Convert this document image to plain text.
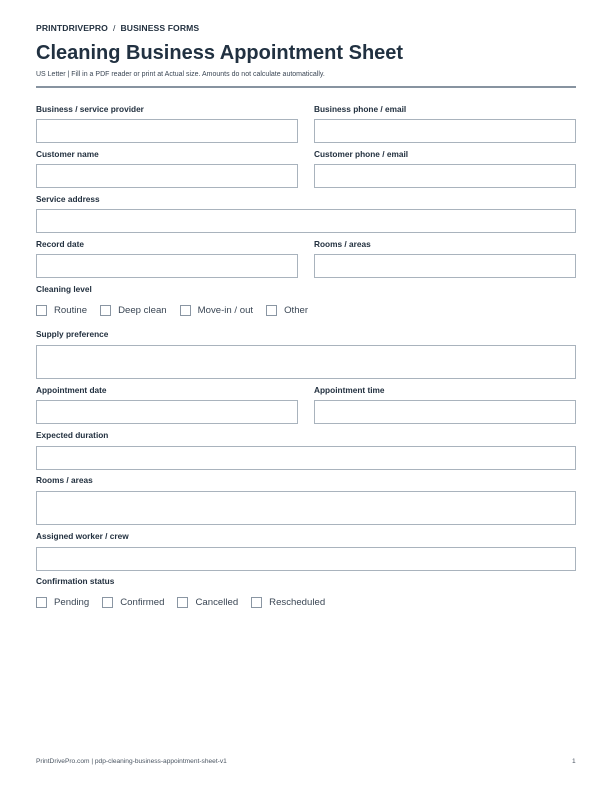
PRINTDRIVEPRO / BUSINESS FORMS
Cleaning Business Appointment Sheet
US Letter | Fill in a PDF reader or print at Actual size. Amounts do not calculate automatically.
Business / service provider	Business phone / email
Customer name	Customer phone / email
Service address
Record date	Rooms / areas
Cleaning level
Routine	Deep clean	Move-in / out	Other
Supply preference
Appointment date	Appointment time
Expected duration
Rooms / areas
Assigned worker / crew
Confirmation status
Pending	Confirmed	Cancelled	Rescheduled
PrintDrivePro.com | pdp-cleaning-business-appointment-sheet-v1	1
